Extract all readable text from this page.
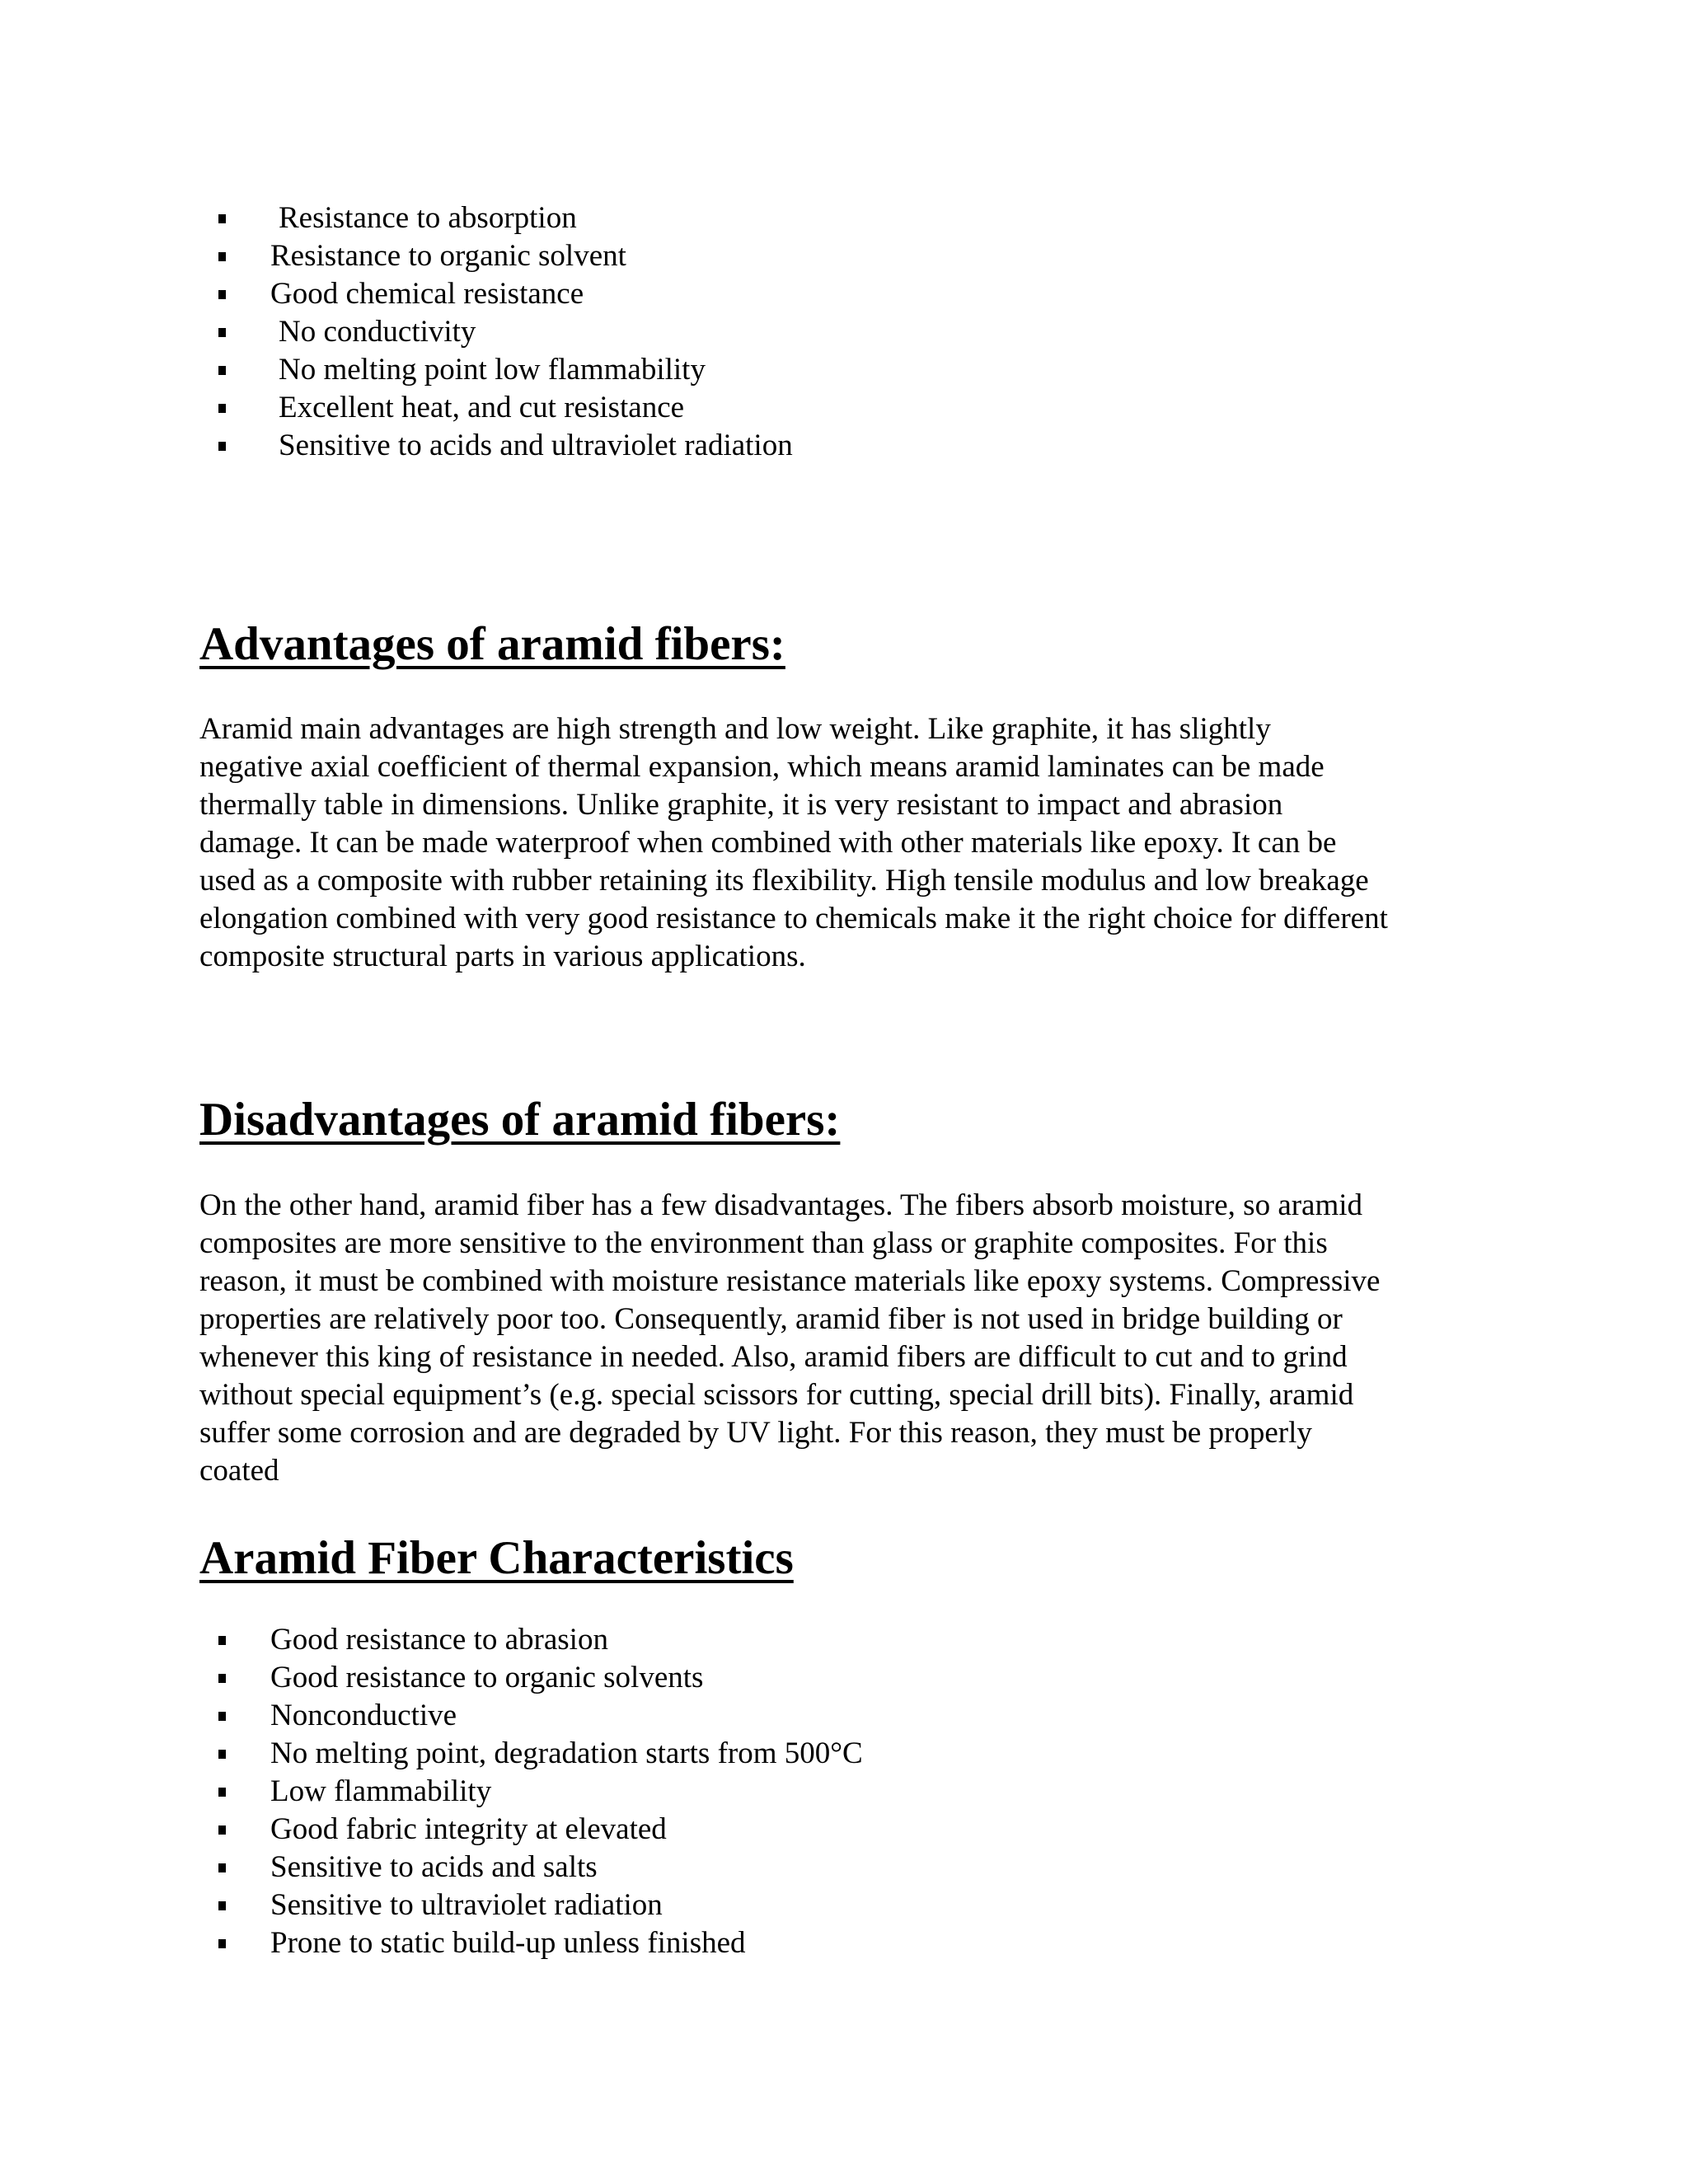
Resistance to absorption
Resistance to organic solvent
Good chemical resistance
No conductivity
No melting point low flammability
Excellent heat, and cut resistance
Sensitive to acids and ultraviolet radiation
Advantages of aramid fibers:

Aramid main advantages are high strength and low weight. Like graphite, it has slightly
negative axial coefficient of thermal expansion, which means aramid laminates can be made
thermally table in dimensions. Unlike graphite, it is very resistant to impact and abrasion
damage. It can be made waterproof when combined with other materials like epoxy. It can be
used as a composite with rubber retaining its flexibility. High tensile modulus and low breakage
elongation combined with very good resistance to chemicals make it the right choice for different
composite structural parts in various applications.

Disadvantages of aramid fibers:

On the other hand, aramid fiber has a few disadvantages. The fibers absorb moisture, so aramid
composites are more sensitive to the environment than glass or graphite composites. For this
reason, it must be combined with moisture resistance materials like epoxy systems. Compressive
properties are relatively poor too. Consequently, aramid fiber is not used in bridge building or
whenever this king of resistance in needed. Also, aramid fibers are difficult to cut and to grind
without special equipment’s (e.g. special scissors for cutting, special drill bits). Finally, aramid
suffer some corrosion and are degraded by UV light. For this reason, they must be properly
coated

Aramid Fiber Characteristics
Good resistance to abrasion
Good resistance to organic solvents
Nonconductive
No melting point, degradation starts from 500°C
Low flammability
Good fabric integrity at elevated
Sensitive to acids and salts
Sensitive to ultraviolet radiation
Prone to static build-up unless finished
